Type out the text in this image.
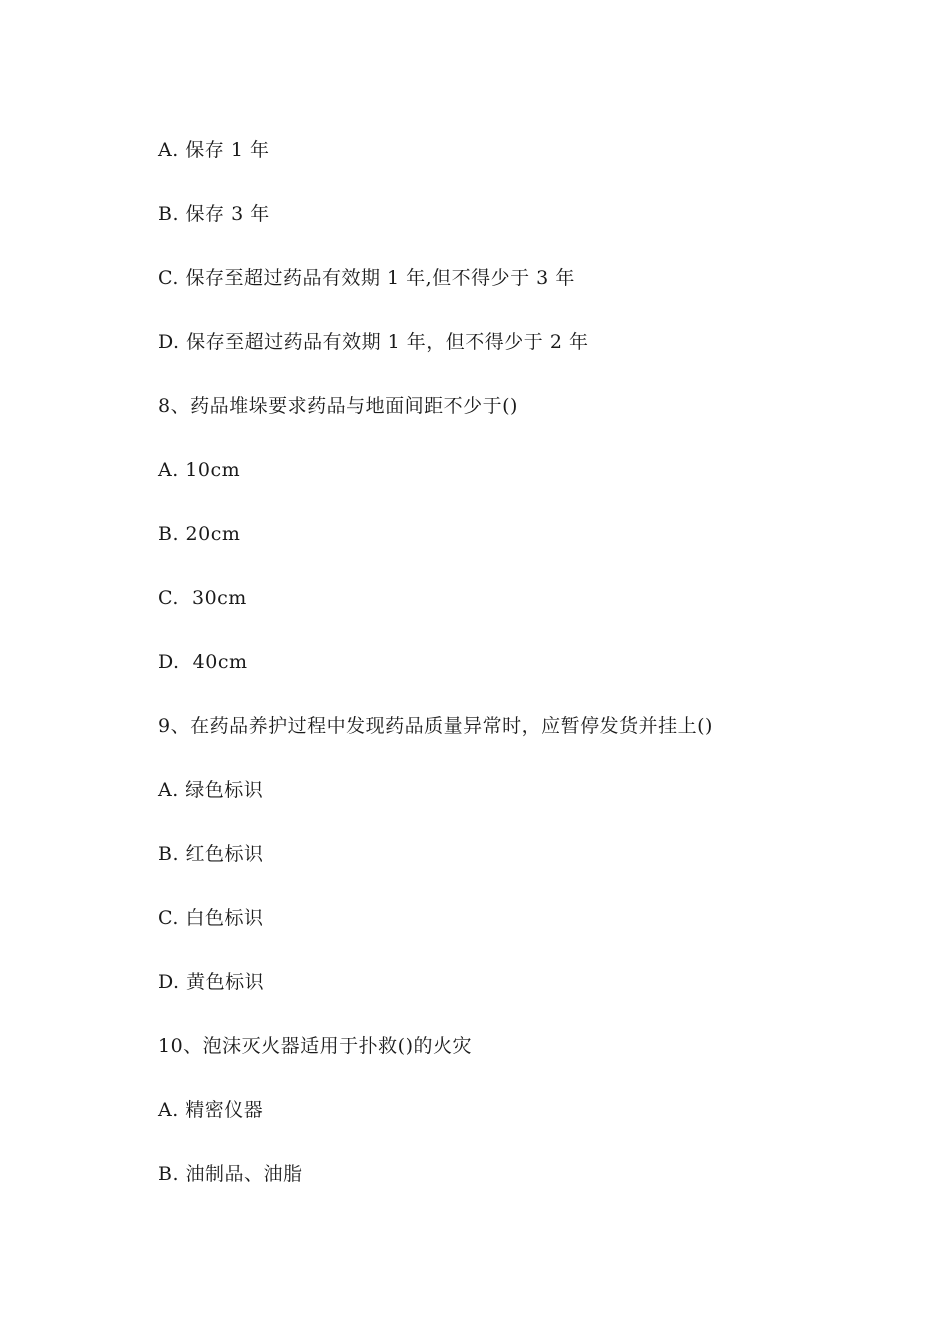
A. 保存 1 年
B. 保存 3 年
C. 保存至超过药品有效期 1 年,但不得少于 3 年
D. 保存至超过药品有效期 1 年，但不得少于 2 年
8、药品堆垛要求药品与地面间距不少于()
A. 10cm
B. 20cm
C.  30cm
D.  40cm
9、在药品养护过程中发现药品质量异常时，应暂停发货并挂上()
A. 绿色标识
B. 红色标识
C. 白色标识
D. 黄色标识
10、泡沫灭火器适用于扑救()的火灾
A. 精密仪器
B. 油制品、油脂
